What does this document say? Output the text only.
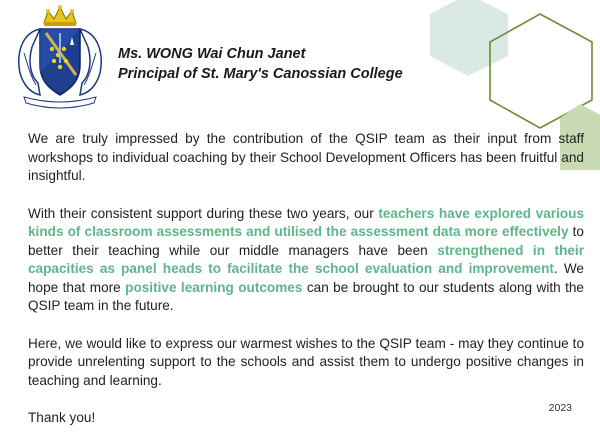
Ms. WONG Wai Chun Janet

Principal of St. Mary's Canossian College

We are truly impressed by the contribution of the QSIP team as their input from staff workshops to individual coaching by their School Development Officers has been fruitful and insightful.

With their consistent support during these two years, our teachers have explored various kinds of classroom assessments and utilised the assessment data more effectively to better their teaching while our middle managers have been strengthened in their capacities as panel heads to facilitate the school evaluation and improvement. We hope that more positive learning outcomes can be brought to our students along with the QSIP team in the future.

Here, we would like to express our warmest wishes to the QSIP team - may they continue to provide unrelenting support to the schools and assist them to undergo positive changes in teaching and learning.

Thank you!

2023
